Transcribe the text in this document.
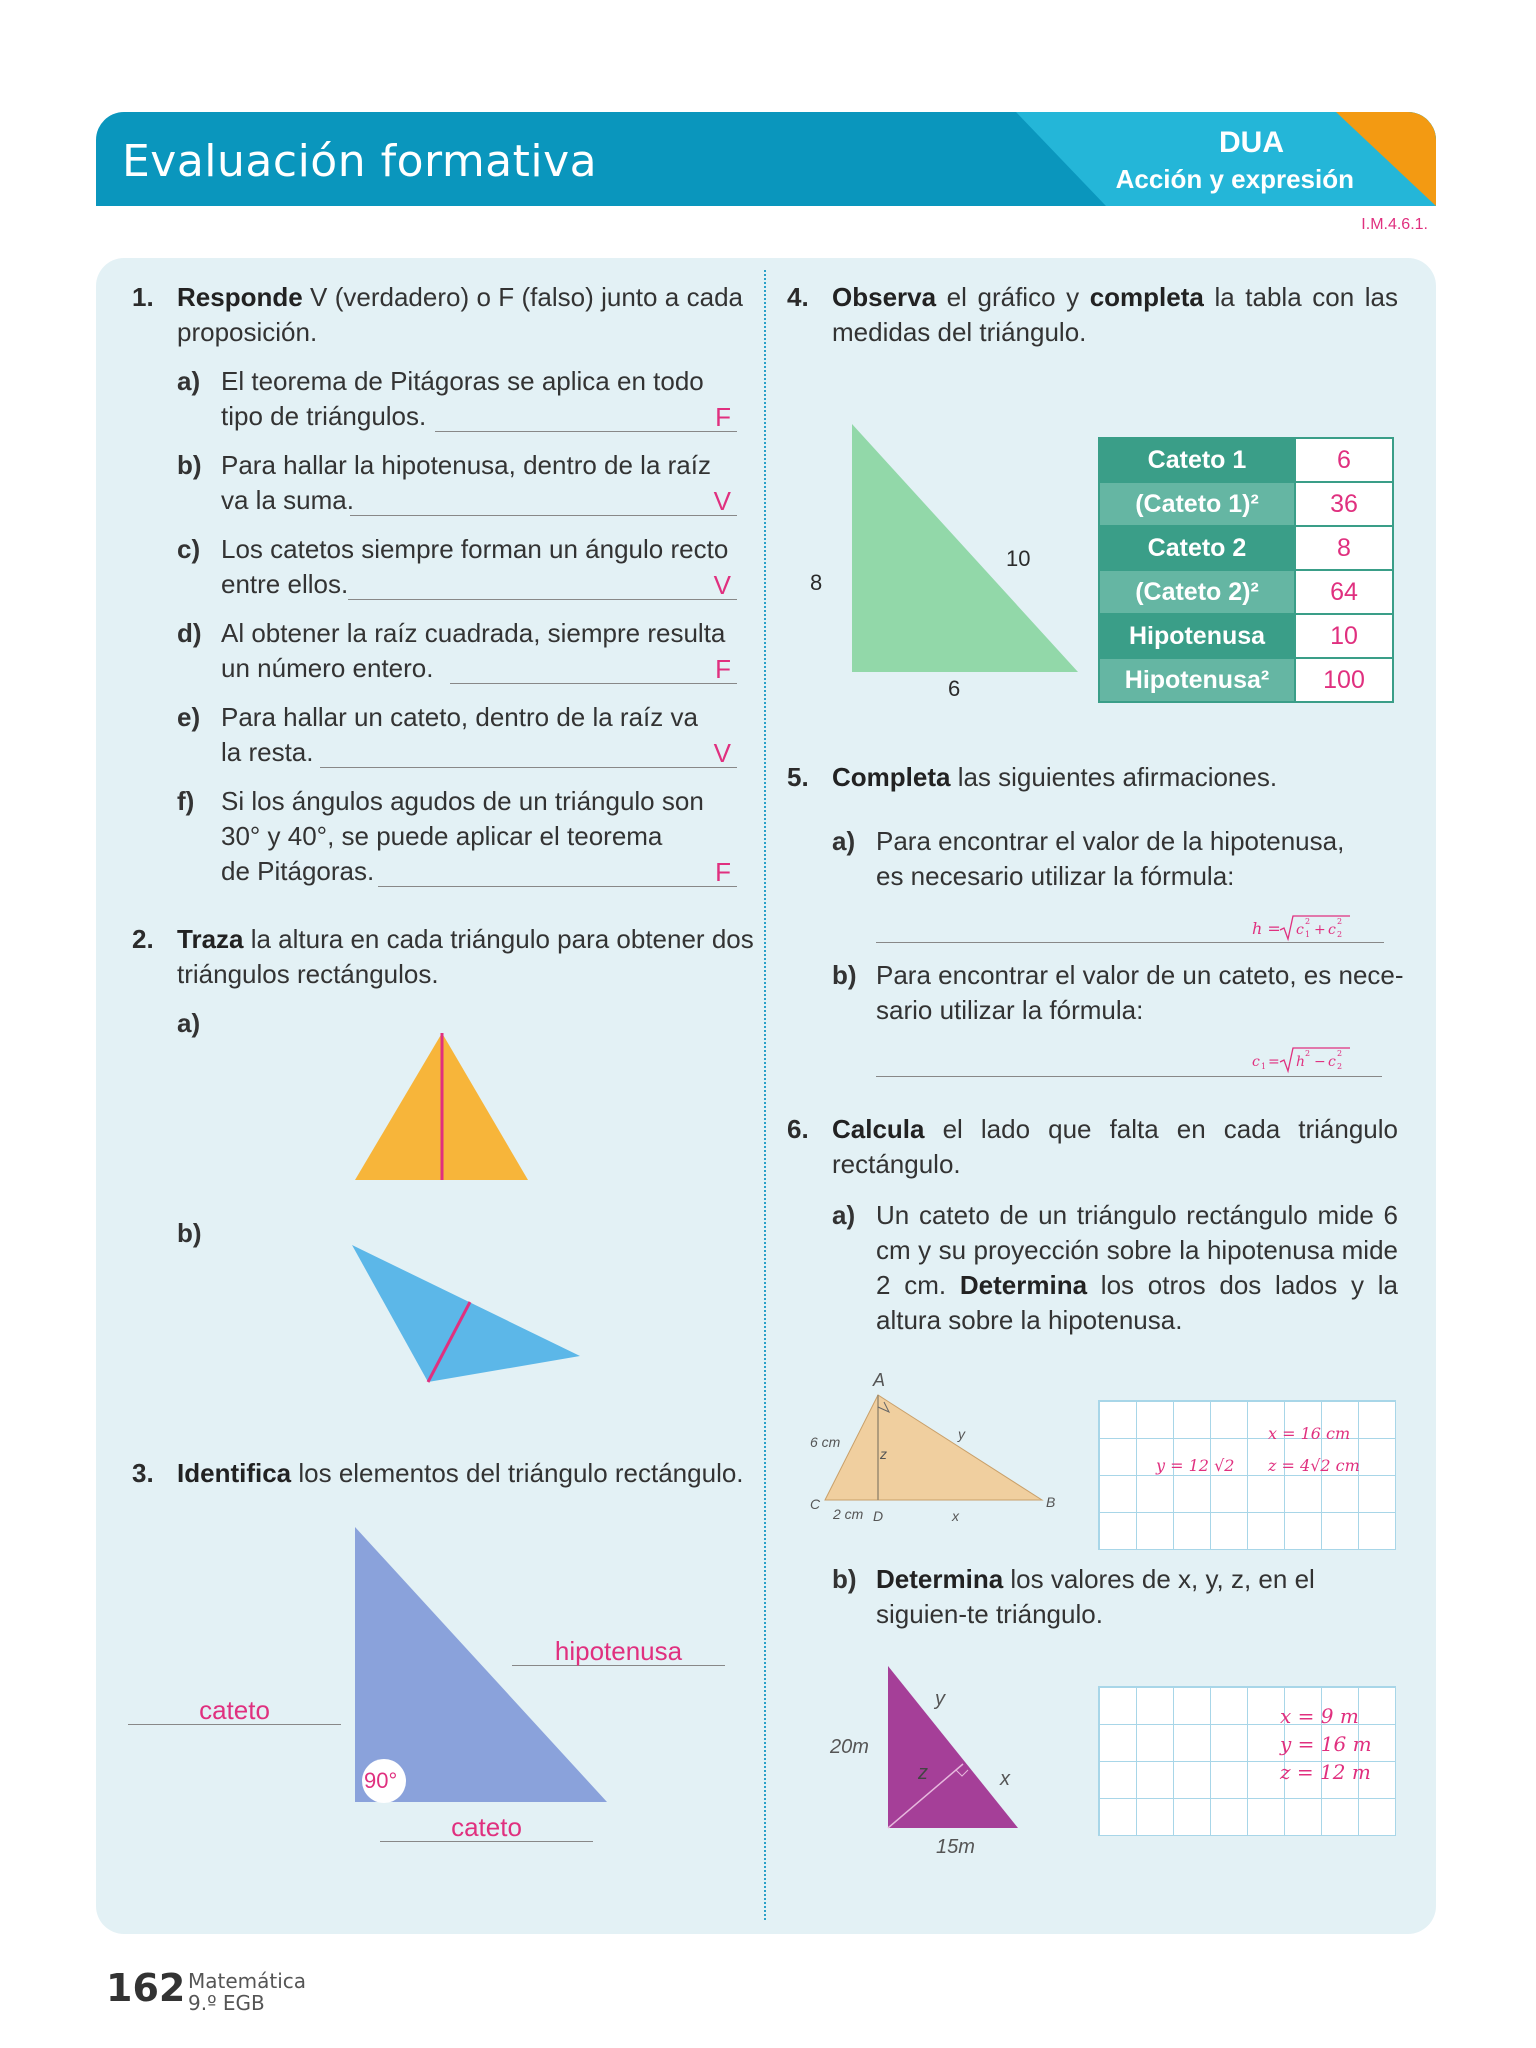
Evaluación formativa	DUA
Acción y expresión
I.M.4.6.1.
1. Responde V (verdadero) o F (falso) junto a cada proposición.
a) El teorema de Pitágoras se aplica en todo
tipo de triángulos.	F
b) Para hallar la hipotenusa, dentro de la raíz
va la suma.	V
c) Los catetos siempre forman un ángulo recto
entre ellos.	V
d) Al obtener la raíz cuadrada, siempre resulta
un número entero.	F
e) Para hallar un cateto, dentro de la raíz va
la resta.	V
f) Si los ángulos agudos de un triángulo son
30° y 40°, se puede aplicar el teorema
de Pitágoras.	F
2. Traza la altura en cada triángulo para obtener dos triángulos rectángulos.
a)
b)
3. Identifica los elementos del triángulo rectángulo.
90°
hipotenusa
cateto
cateto
4. Observa el gráfico y completa la tabla con las medidas del triángulo.
8
10
6
Cateto 1	6
(Cateto 1)²	36
Cateto 2	8
(Cateto 2)²	64
Hipotenusa	10
Hipotenusa²	100
5. Completa las siguientes afirmaciones.
a) Para encontrar el valor de la hipotenusa,
es necesario utilizar la fórmula:
h = c
2
1 + c
2
2
b) Para encontrar el valor de un cateto, es nece-
sario utilizar la fórmula:
c 1 = h
2
− c
2
2
6. Calcula el lado que falta en cada triángulo rectángulo.
a) Un cateto de un triángulo rectángulo mide 6 cm y su proyección sobre la hipotenusa mide 2 cm. Determina los otros dos lados y la altura sobre la hipotenusa.
A
B
C
D
6 cm
2 cm	x
y
z
x = 16 cm
y = 12 √2 z = 4√2 cm
b) Determina los valores de x, y, z, en el siguien-te triángulo.
y
z	x
20m
15m
x = 9 m
y = 16 m
z = 12 m
162 Matemática
9.º EGB
